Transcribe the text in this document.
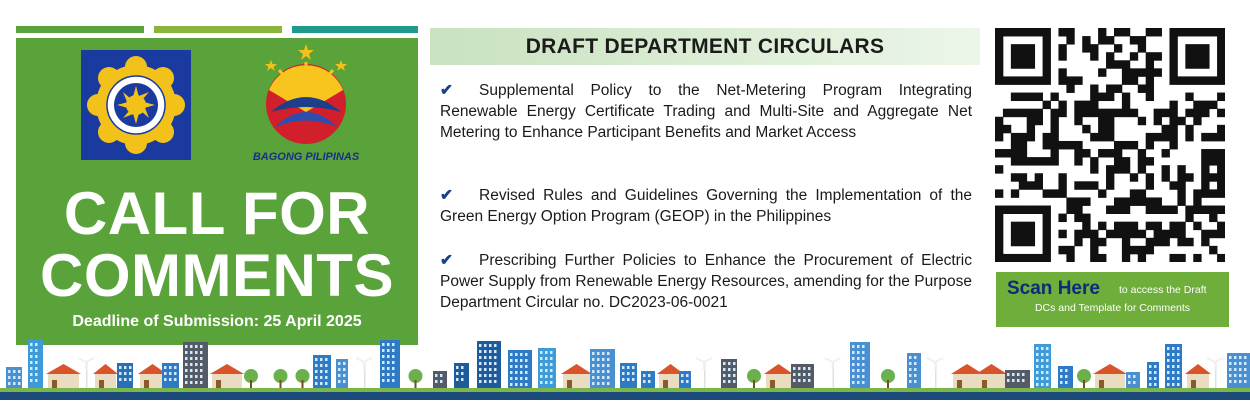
BAGONG PILIPINAS
CALL FOR
COMMENTS
Deadline of Submission: 25 April 2025
DRAFT DEPARTMENT CIRCULARS
✔ Supplemental Policy to the Net-Metering Program Integrating Renewable Energy Certificate Trading and Multi-Site and Aggregate Net Metering to Enhance Participant Benefits and Market Access
✔ Revised Rules and Guidelines Governing the Implementation of the Green Energy Option Program (GEOP) in the Philippines
✔ Prescribing Further Policies to Enhance the Procurement of Electric Power Supply from Renewable Energy Resources, amending for the Purpose Department Circular no. DC2023-06-0021
Scan Here to access the Draft
DCs and Template for Comments
